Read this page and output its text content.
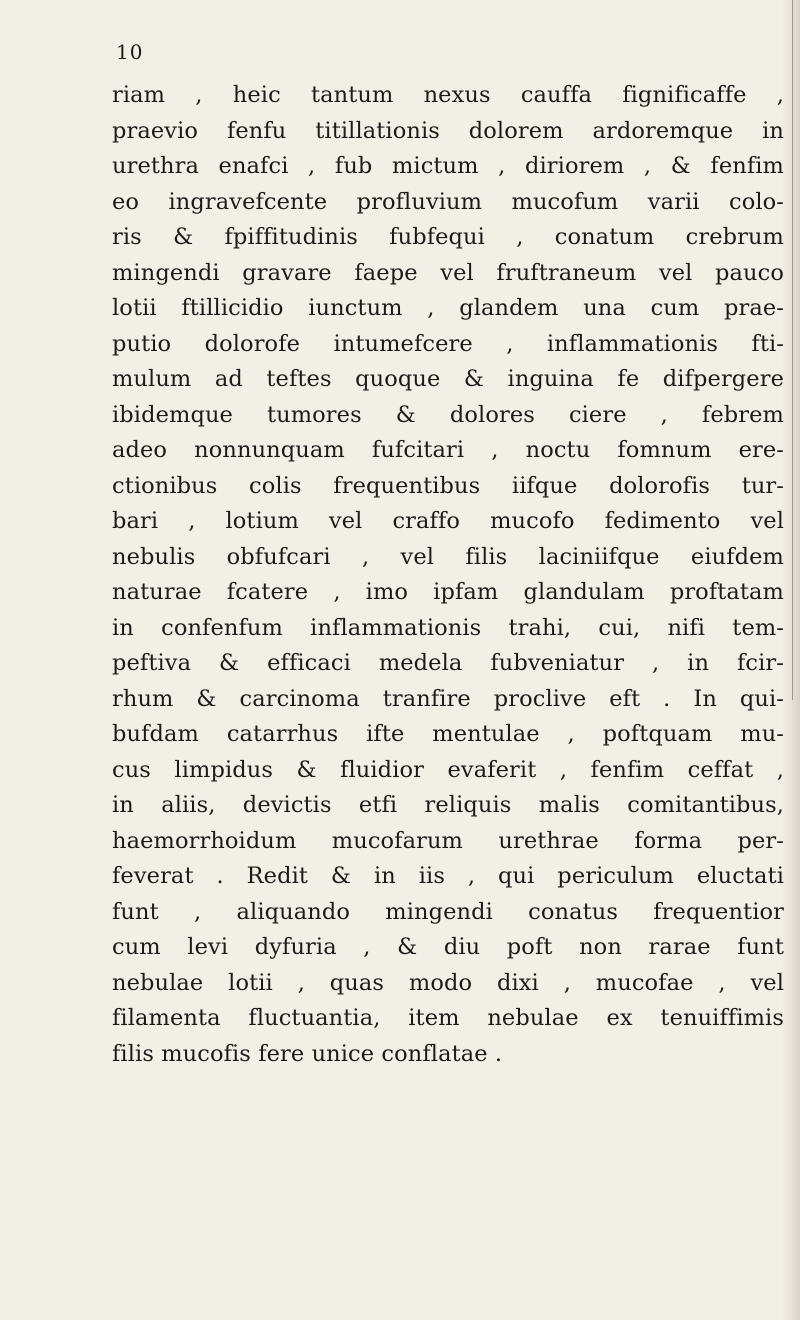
10
riam , heic tantum nexus cauffa fignificaffe ,
praevio fenfu titillationis dolorem ardoremque in
urethra enafci , fub mictum , diriorem , & fenfim
eo ingravefcente profluvium mucofum varii colo-
ris & fpiffitudinis fubfequi , conatum crebrum
mingendi gravare faepe vel fruftraneum vel pauco
lotii ftillicidio iunctum , glandem una cum prae-
putio dolorofe intumefcere , inflammationis fti-
mulum ad teftes quoque & inguina fe difpergere
ibidemque tumores & dolores ciere , febrem
adeo nonnunquam fufcitari , noctu fomnum ere-
ctionibus colis frequentibus iifque dolorofis tur-
bari , lotium vel craffo mucofo fedimento vel
nebulis obfufcari , vel filis laciniifque eiufdem
naturae fcatere , imo ipfam glandulam proftatam
in confenfum inflammationis trahi, cui, nifi tem-
peftiva & efficaci medela fubveniatur , in fcir-
rhum & carcinoma tranfire proclive eft . In qui-
bufdam catarrhus ifte mentulae , poftquam mu-
cus limpidus & fluidior evaferit , fenfim ceffat ,
in aliis, devictis etfi reliquis malis comitantibus,
haemorrhoidum mucofarum urethrae forma per-
feverat . Redit & in iis , qui periculum eluctati
funt , aliquando mingendi conatus frequentior
cum levi dyfuria , & diu poft non rarae funt
nebulae lotii , quas modo dixi , mucofae , vel
filamenta fluctuantia, item nebulae ex tenuiffimis
filis mucofis fere unice conflatae .
